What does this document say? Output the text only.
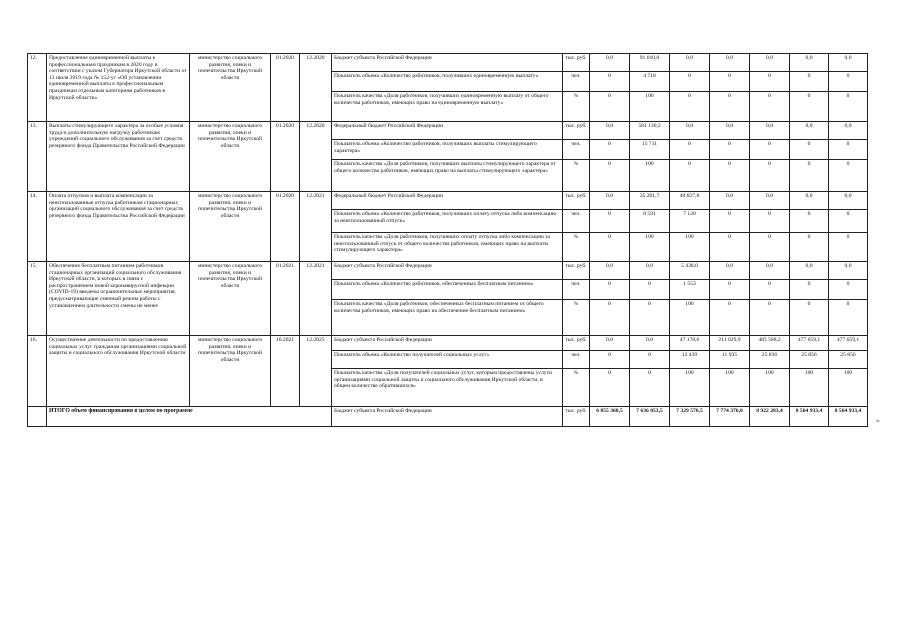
12.	Предоставление единовременной выплаты к профессиональным праздникам в 2020 году в соответствии с указом Губернатора Иркутской области от 13 июля 2019 года № 152-уг «Об установлении единовременной выплаты к профессиональным праздникам отдельным категориям работников в Иркутской области»	министерство социального развития, опеки и попечительства Иркутской области	01.2020	12.2020	Бюджет субъекта Российской Федерации	тыс. руб.	0,0	91 010,0	0,0	0,0	0,0	0,0	0,0
					Показатель объема «Количество работников, получивших единовременную выплату»	чел.	0	4 718	0	0	0	0	0
					Показатель качества «Доля работников, получивших единовременную выплату от общего количества работников, имеющих право на единовременную выплату»	%	0	100	0	0	0	0	0
13.	Выплаты стимулирующего характера за особые условия труда и дополнительную нагрузку работникам учреждений социального обслуживания за счет средств резервного фонда Правительства Российской Федерации	министерство социального развития, опеки и попечительства Иркутской области	01.2020	12.2020	Федеральный бюджет Российской Федерации	тыс. руб.	0,0	581 130,2	0,0	0,0	0,0	0,0	0,0
					Показатель объема «Количество работников, получивших выплаты стимулирующего характера»	чел.	0	15 711	0	0	0	0	0
					Показатель качества «Доля работников, получивших выплаты стимулирующего характера от общего количества работников, имеющих право на выплаты стимулирующего характера»	%	0	100	0	0	0	0	0
14.	Оплата отпусков и выплата компенсации за неиспользованные отпуска работникам стационарных организаций социального обслуживания за счет средств резервного фонда Правительства Российской Федерации	министерство социального развития, опеки и попечительства Иркутской области	01.2020	12.2021	Федеральный бюджет Российской Федерации	тыс. руб.	0,0	35 201,7	40 827,8	0,0	0,0	0,0	0,0
					Показатель объема «Количество работников, получивших оплату отпуска либо компенсацию за неиспользованный отпуск»	чел.	0	8 591	7 120	0	0	0	0
					Показатель качества «Доля работников, получивших оплату отпуска либо компенсацию за неиспользованный отпуск от общего количества работников, имеющих право на выплаты стимулирующего характера»	%	0	100	100	0	0	0	0
15.	Обеспечение бесплатным питанием работников стационарных организаций социального обслуживания Иркутской области, в которых в связи с распространением новой коронавирусной инфекции (COVID-19) введены ограничительные мероприятия, предусматривающие сменный режим работы с установлением длительности смены не менее	министерство социального развития, опеки и попечительства Иркутской области	01.2021	12.2021	Бюджет субъекта Российской Федерации	тыс. руб.	0,0	0,0	5 438,0	0,0	0,0	0,0	0,0
					Показатель объема «Количество работников, обеспеченных бесплатным питанием»	чел.	0	0	1 553	0	0	0	0
					Показатель качества «Доля работников, обеспеченных бесплатным питанием от общего количества работников, имеющих право на обеспечение бесплатным питанием»	%	0	0	100	0	0	0	0
16.	Осуществление деятельности по предоставлению социальных услуг гражданам организациями социальной защиты и социального обслуживания Иркутской области	министерство социального развития, опеки и попечительства Иркутской области	10.2021	12.2025	Бюджет субъекта Российской Федерации	тыс. руб.	0,0	0,0	47 178,6	211 029,9	485 588,2	477 659,1	477 659,1
					Показатель объема «Количество получателей социальных услуг»	чел.	0	0	12 439	11 935	25 836	25 856	25 856
					Показатель качества «Доля получателей социальных услуг, которым предоставлены услуги организациями социальной защиты и социального обслуживания Иркутской области, в общем количестве обратившихся»	%	0	0	100	100	100	100	100
	ИТОГО объем финансирования в целом по программе				Бюджет субъекта Российской Федерации	тыс. руб.	6 855 368,5	7 636 053,5	7 329 576,5	7 774 376,0	8 922 283,4	8 564 933,4	8 564 933,4
».
